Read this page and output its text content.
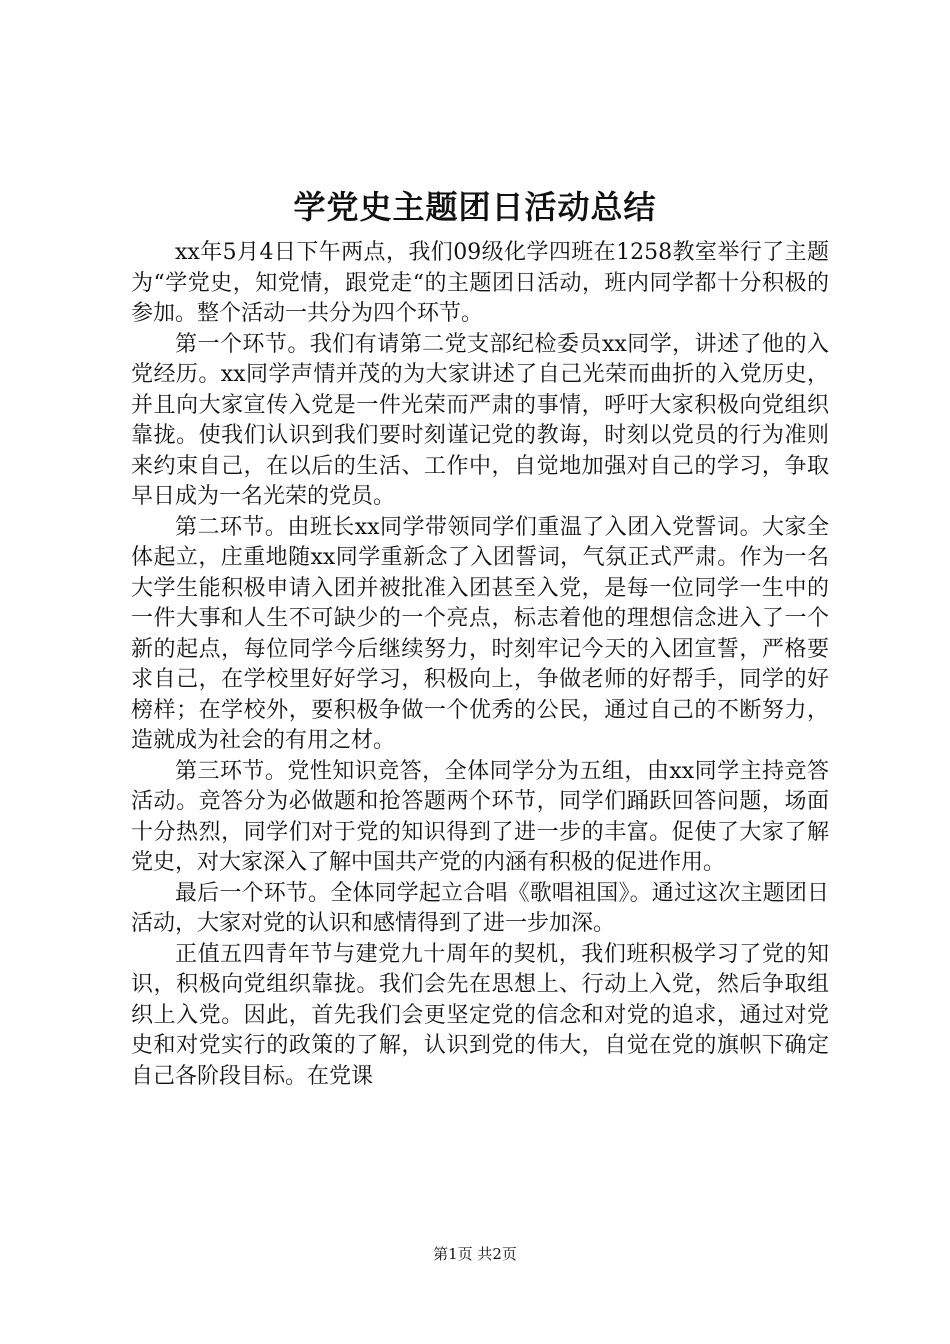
学党史主题团日活动总结

xx年5月4日下午两点，我们09级化学四班在1258教室举行了主题为“学党史，知党情，跟党走“的主题团日活动，班内同学都十分积极的参加。整个活动一共分为四个环节。

第一个环节。我们有请第二党支部纪检委员xx同学，讲述了他的入党经历。xx同学声情并茂的为大家讲述了自己光荣而曲折的入党历史，并且向大家宣传入党是一件光荣而严肃的事情，呼吁大家积极向党组织靠拢。使我们认识到我们要时刻谨记党的教诲，时刻以党员的行为准则来约束自己，在以后的生活、工作中，自觉地加强对自己的学习，争取早日成为一名光荣的党员。

第二环节。由班长xx同学带领同学们重温了入团入党誓词。大家全体起立，庄重地随xx同学重新念了入团誓词，气氛正式严肃。作为一名大学生能积极申请入团并被批准入团甚至入党，是每一位同学一生中的一件大事和人生不可缺少的一个亮点，标志着他的理想信念进入了一个新的起点，每位同学今后继续努力，时刻牢记今天的入团宣誓，严格要求自己，在学校里好好学习，积极向上，争做老师的好帮手，同学的好榜样；在学校外，要积极争做一个优秀的公民，通过自己的不断努力，造就成为社会的有用之材。

第三环节。党性知识竞答，全体同学分为五组，由xx同学主持竞答活动。竞答分为必做题和抢答题两个环节，同学们踊跃回答问题，场面十分热烈，同学们对于党的知识得到了进一步的丰富。促使了大家了解党史，对大家深入了解中国共产党的内涵有积极的促进作用。

最后一个环节。全体同学起立合唱《歌唱祖国》。通过这次主题团日活动，大家对党的认识和感情得到了进一步加深。

正值五四青年节与建党九十周年的契机，我们班积极学习了党的知识，积极向党组织靠拢。我们会先在思想上、行动上入党，然后争取组织上入党。因此，首先我们会更坚定党的信念和对党的追求，通过对党史和对党实行的政策的了解，认识到党的伟大，自觉在党的旗帜下确定自己各阶段目标。在党课

第1页 共2页
